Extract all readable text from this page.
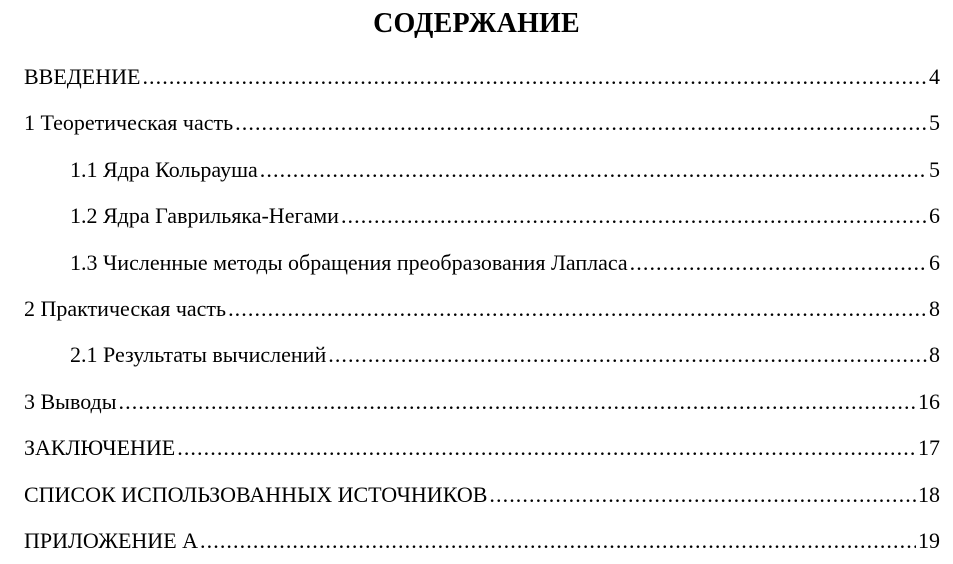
СОДЕРЖАНИЕ
ВВЕДЕНИЕ .....	4
1 Теоретическая часть .....	5
1.1 Ядра Кольрауша .....	5
1.2 Ядра Гаврильяка-Негами .....	6
1.3 Численные методы обращения преобразования Лапласа .....	6
2 Практическая часть .....	8
2.1 Результаты вычислений .....	8
3 Выводы .....	16
ЗАКЛЮЧЕНИЕ .....	17
СПИСОК ИСПОЛЬЗОВАННЫХ ИСТОЧНИКОВ .....	18
ПРИЛОЖЕНИЕ А .....	19
